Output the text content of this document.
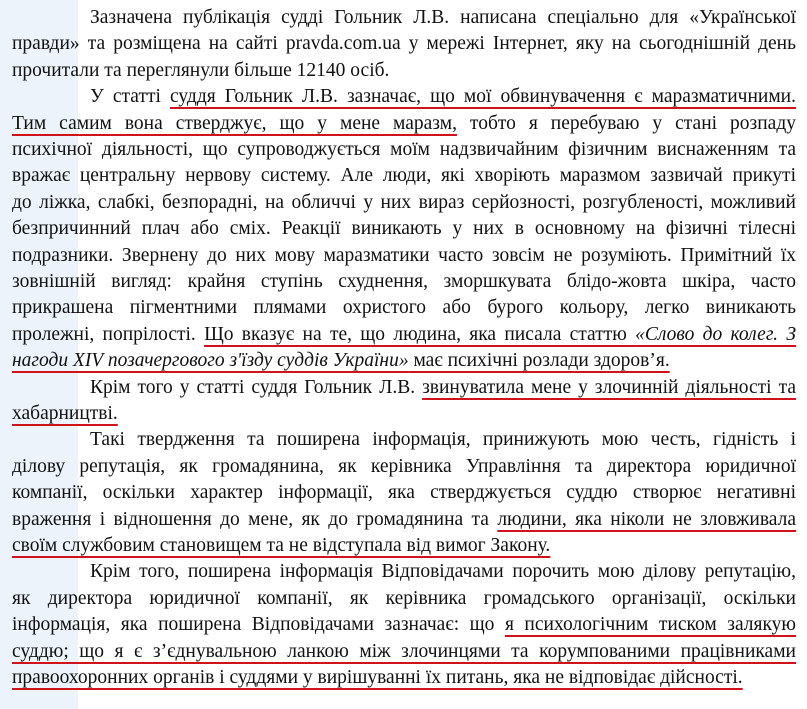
Зазначена публікація судді Гольник Л.В. написана спеціально для «Української
правди» та розміщена на сайті pravda.com.ua у мережі Інтернет, яку на сьогоднішній день
прочитали та переглянули більше 12140 осіб.
У статті суддя Гольник Л.В. зазначає, що мої обвинувачення є маразматичними.
Тим самим вона стверджує, що у мене маразм, тобто я перебуваю у стані розпаду
психічної діяльності, що супроводжується моїм надзвичайним фізичним виснаженням та
вражає центральну нервову систему. Але люди, які хворіють маразмом зазвичай прикуті
до ліжка, слабкі, безпорадні, на обличчі у них вираз серйозності, розгубленості, можливий
безпричинний плач або сміх. Реакції виникають у них в основному на фізичні тілесні
подразники. Звернену до них мову маразматики часто зовсім не розуміють. Примітний їх
зовнішній вигляд: крайня ступінь схуднення, зморшкувата блідо-жовта шкіра, часто
прикрашена пігментними плямами охристого або бурого кольору, легко виникають
пролежні, попрілості. Що вказує на те, що людина, яка писала статтю «Слово до колег. З
нагоди XIV позачергового з'їзду суддів України» має психічні розлади здоров’я.
Крім того у статті суддя Гольник Л.В. звинуватила мене у злочинній діяльності та
хабарництві.
Такі твердження та поширена інформація, принижують мою честь, гідність і
ділову репутація, як громадянина, як керівника Управління та директора юридичної
компанії, оскільки характер інформації, яка стверджується суддю створює негативні
враження і відношення до мене, як до громадянина та людини, яка ніколи не зловживала
своїм службовим становищем та не відступала від вимог Закону.
Крім того, поширена інформація Відповідачами порочить мою ділову репутацію,
як директора юридичної компанії, як керівника громадського організації, оскільки
інформація, яка поширена Відповідачами зазначає: що я психологічним тиском залякую
суддю; що я є з’єднувальною ланкою між злочинцями та корумпованими працівниками
правоохоронних органів і суддями у вирішуванні їх питань, яка не відповідає дійсності.
